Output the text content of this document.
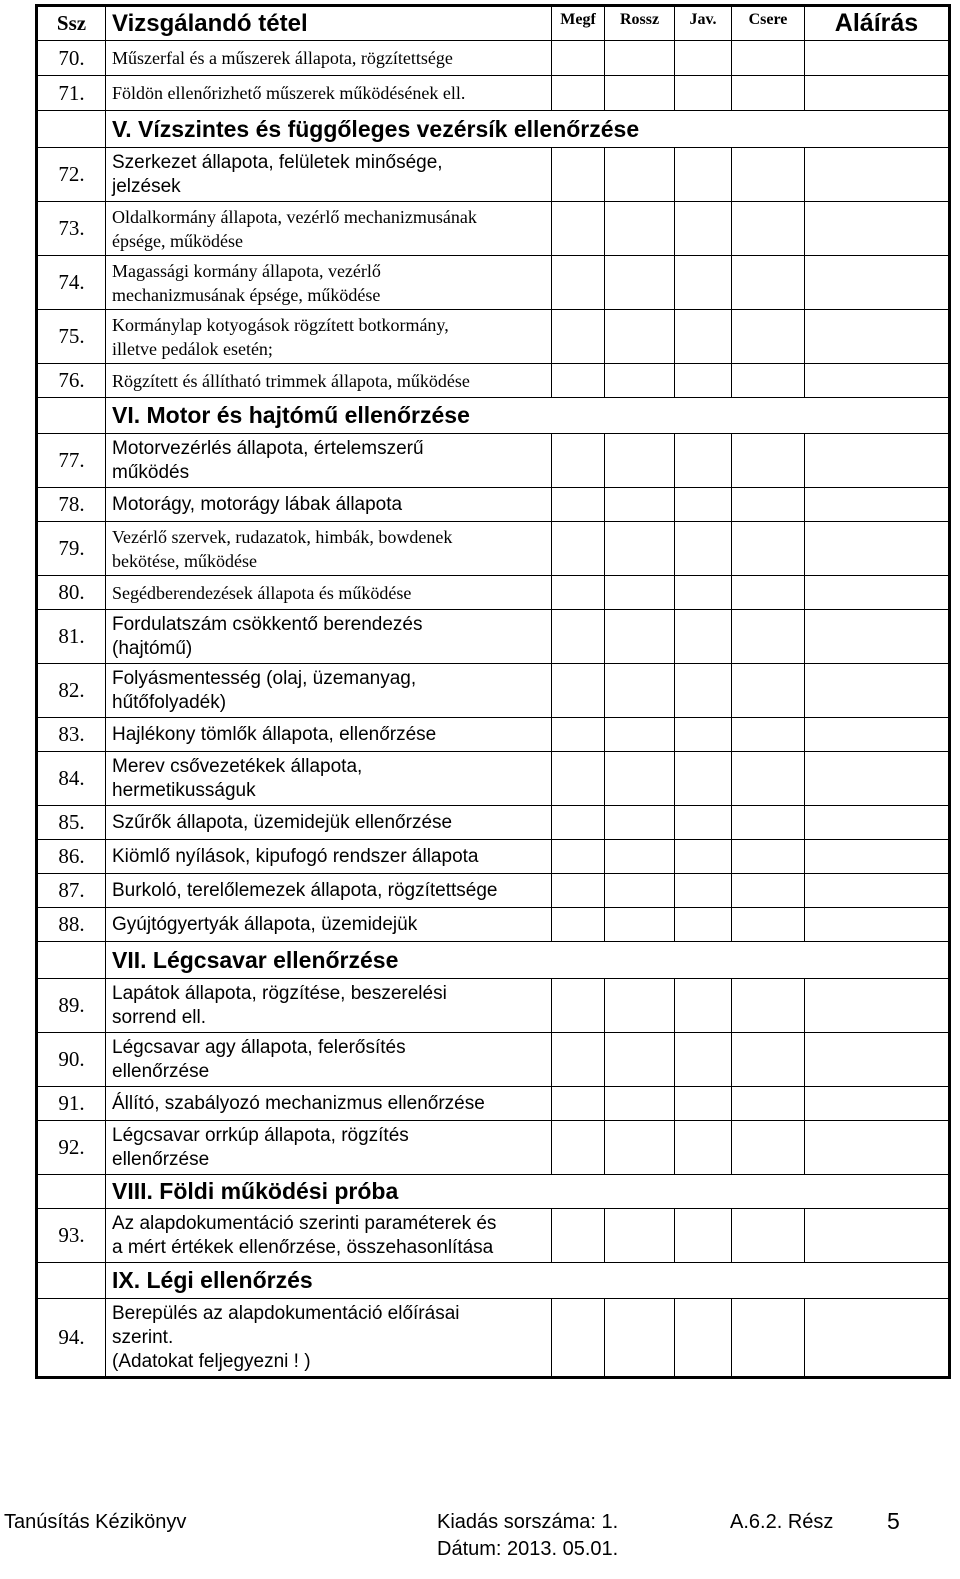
Ssz	Vizsgálandó tétel	Megf	Rossz	Jav.	Csere	Aláírás
70.	Műszerfal és a műszerek állapota, rögzítettsége					
71.	Földön ellenőrizhető műszerek működésének ell.					
	V. Vízszintes és függőleges vezérsík ellenőrzése					
72.	Szerkezet állapota, felületek minősége,
jelzések					
73.	Oldalkormány állapota, vezérlő mechanizmusának
épsége, működése					
74.	Magassági kormány állapota, vezérlő
mechanizmusának épsége, működése					
75.	Kormánylap kotyogások rögzített botkormány,
illetve pedálok esetén;					
76.	Rögzített és állítható trimmek állapota, működése					
	VI. Motor és hajtómű ellenőrzése					
77.	Motorvezérlés állapota, értelemszerű
működés					
78.	Motorágy, motorágy lábak állapota					
79.	Vezérlő szervek, rudazatok, himbák, bowdenek
bekötése, működése					
80.	Segédberendezések állapota és működése					
81.	Fordulatszám csökkentő berendezés
(hajtómű)					
82.	Folyásmentesség (olaj, üzemanyag,
hűtőfolyadék)					
83.	Hajlékony tömlők állapota, ellenőrzése					
84.	Merev csővezetékek állapota,
hermetikusságuk					
85.	Szűrők állapota, üzemidejük ellenőrzése					
86.	Kiömlő nyílások, kipufogó rendszer állapota					
87.	Burkoló, terelőlemezek állapota, rögzítettsége					
88.	Gyújtógyertyák állapota, üzemidejük					
	VII. Légcsavar ellenőrzése					
89.	Lapátok állapota, rögzítése, beszerelési
sorrend ell.					
90.	Légcsavar agy állapota, felerősítés
ellenőrzése					
91.	Állító, szabályozó mechanizmus ellenőrzése					
92.	Légcsavar orrkúp állapota, rögzítés
ellenőrzése					
	VIII. Földi működési próba					
93.	Az alapdokumentáció szerinti paraméterek és
a mért értékek ellenőrzése, összehasonlítása					
	IX. Légi ellenőrzés					
94.	Berepülés az alapdokumentáció előírásai
szerint.
(Adatokat feljegyezni ! )					
Tanúsítás Kézikönyv	Kiadás sorszáma: 1.
Dátum: 2013. 05.01.
A.6.2. Rész 5
